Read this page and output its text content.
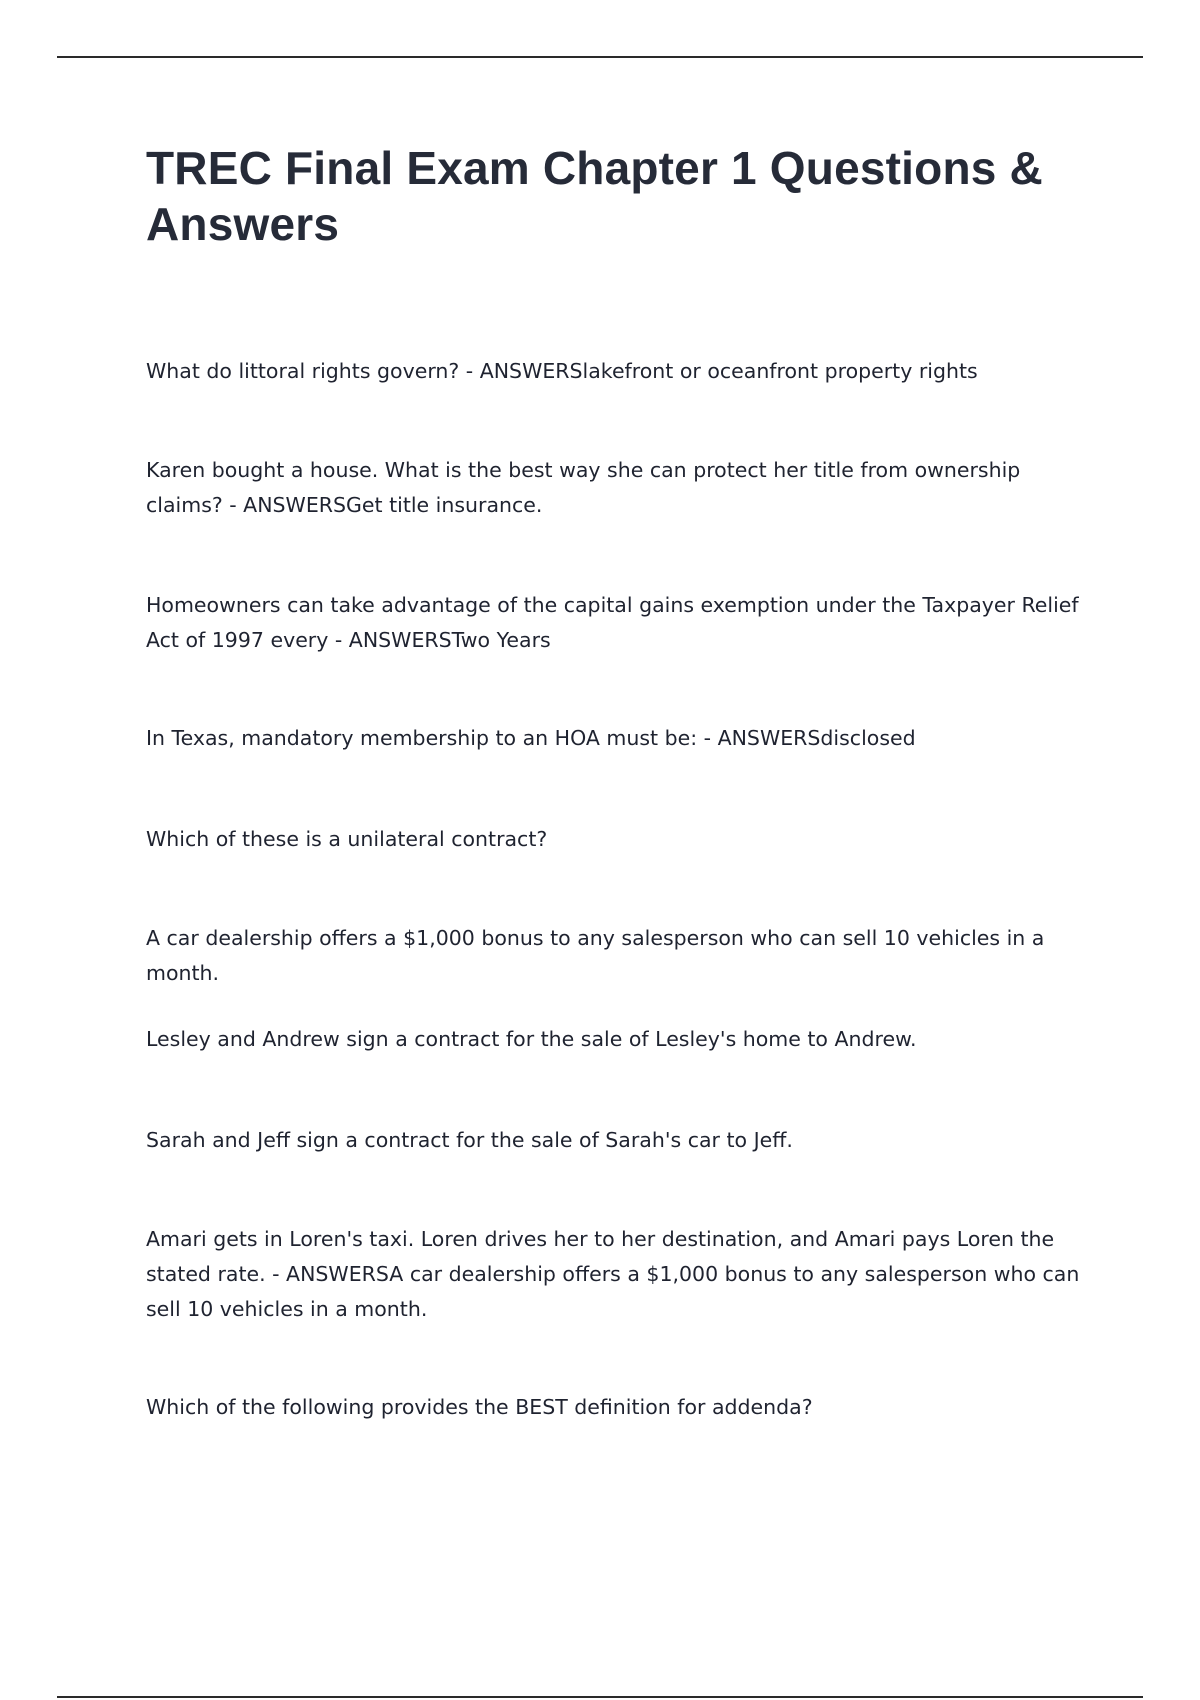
TREC Final Exam Chapter 1 Questions & Answers
What do littoral rights govern? - ANSWERSlakefront or oceanfront property rights
Karen bought a house. What is the best way she can protect her title from ownership claims? - ANSWERSGet title insurance.
Homeowners can take advantage of the capital gains exemption under the Taxpayer Relief Act of 1997 every - ANSWERSTwo Years
In Texas, mandatory membership to an HOA must be: - ANSWERSdisclosed
Which of these is a unilateral contract?
A car dealership offers a $1,000 bonus to any salesperson who can sell 10 vehicles in a month.
Lesley and Andrew sign a contract for the sale of Lesley's home to Andrew.
Sarah and Jeff sign a contract for the sale of Sarah's car to Jeff.
Amari gets in Loren's taxi. Loren drives her to her destination, and Amari pays Loren the stated rate. - ANSWERSA car dealership offers a $1,000 bonus to any salesperson who can sell 10 vehicles in a month.
Which of the following provides the BEST definition for addenda?
